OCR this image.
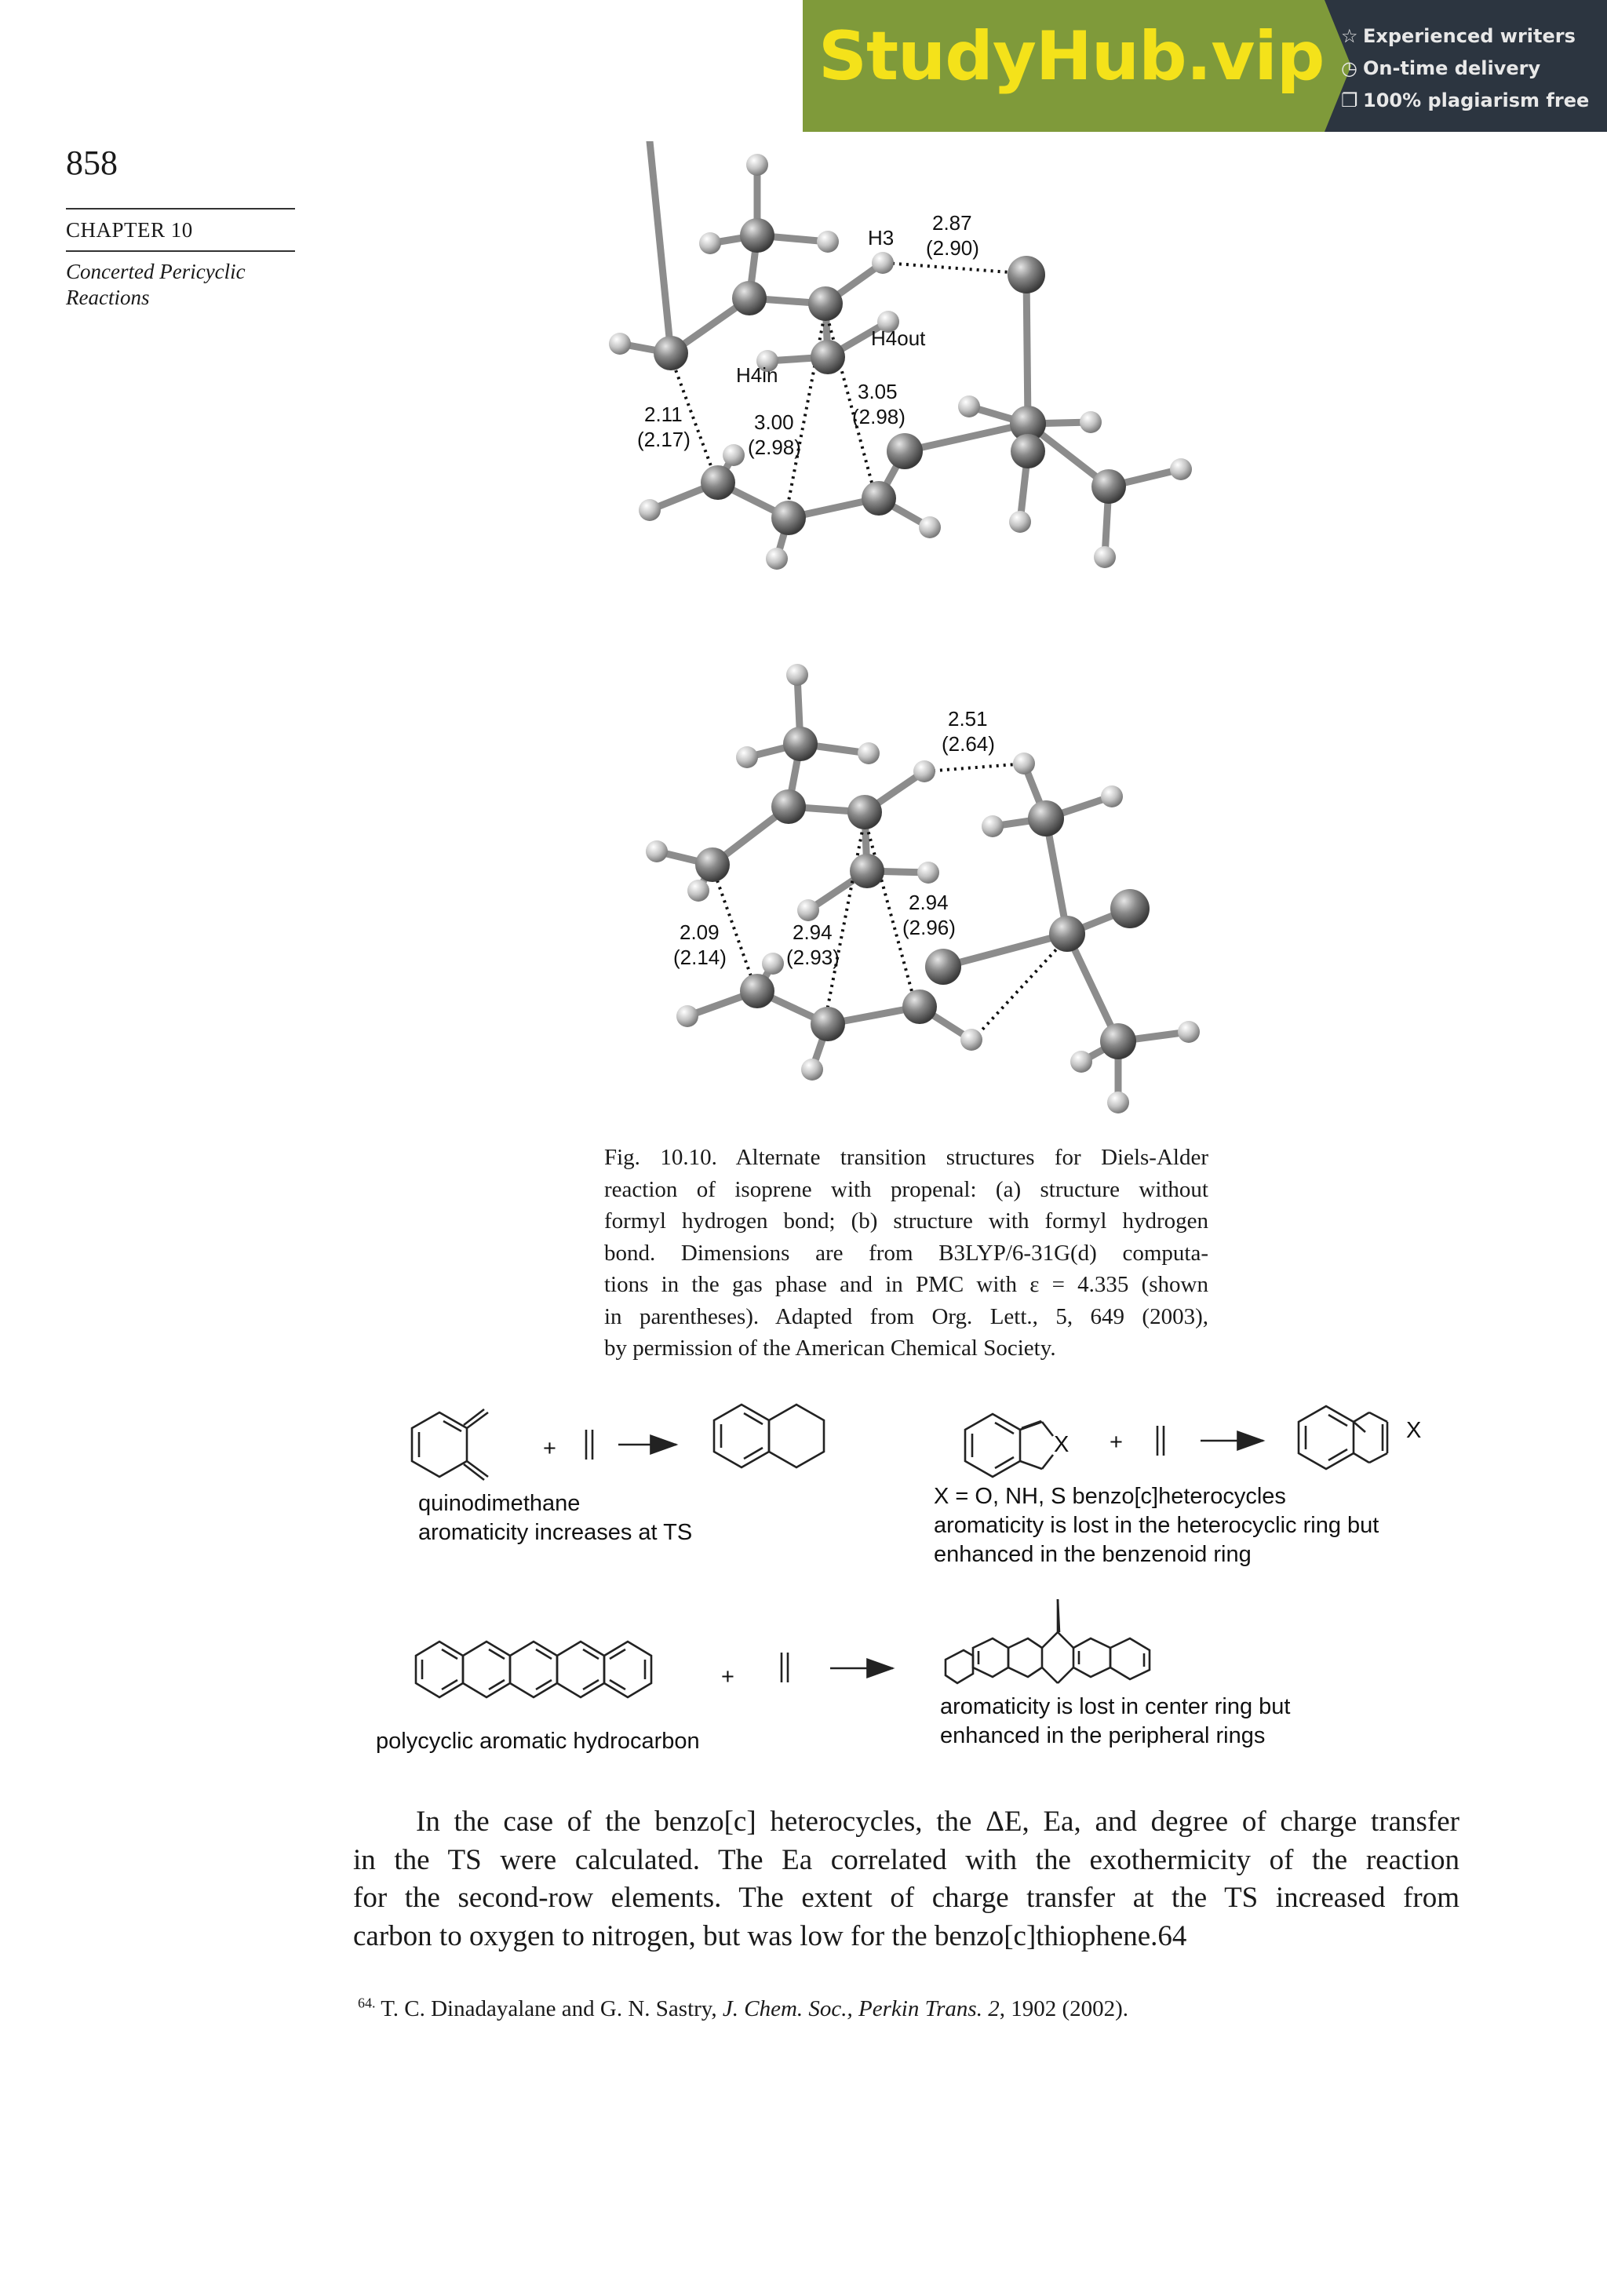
StudyHub.vip ☆ Experienced writers
◷ On-time delivery
❐ 100% plagiarism free
858
CHAPTER 10
Concerted Pericyclic Reactions
H3
2.87
(2.90)
H4out
H4in
3.05
(2.98)
3.00
(2.98)
2.11
(2.17)
2.51
(2.64)
2.94
(2.96)
2.94
(2.93)
2.09
(2.14)
Fig. 10.10. Alternate transition structures for Diels-Alder
reaction of isoprene with propenal: (a) structure without
formyl hydrogen bond; (b) structure with formyl hydrogen
bond. Dimensions are from B3LYP/6-31G(d) computa-
tions in the gas phase and in PMC with ε = 4.335 (shown
in parentheses). Adapted from Org. Lett., 5, 649 (2003),
by permission of the American Chemical Society.
+	X +	X
+
quinodimethane
aromaticity increases at TS
X = O, NH, S benzo[c]heterocycles
aromaticity is lost in the heterocyclic ring but
enhanced in the benzenoid ring
polycyclic aromatic hydrocarbon
aromaticity is lost in center ring but
enhanced in the peripheral rings
In the case of the benzo[c] heterocycles, the ΔE, Ea, and degree of charge transfer
in the TS were calculated. The Ea correlated with the exothermicity of the reaction
for the second-row elements. The extent of charge transfer at the TS increased from
carbon to oxygen to nitrogen, but was low for the benzo[c]thiophene.64
$^{64.}$ T. C. Dinadayalane and G. N. Sastry, J. Chem. Soc., Perkin Trans. 2, 1902 (2002).
